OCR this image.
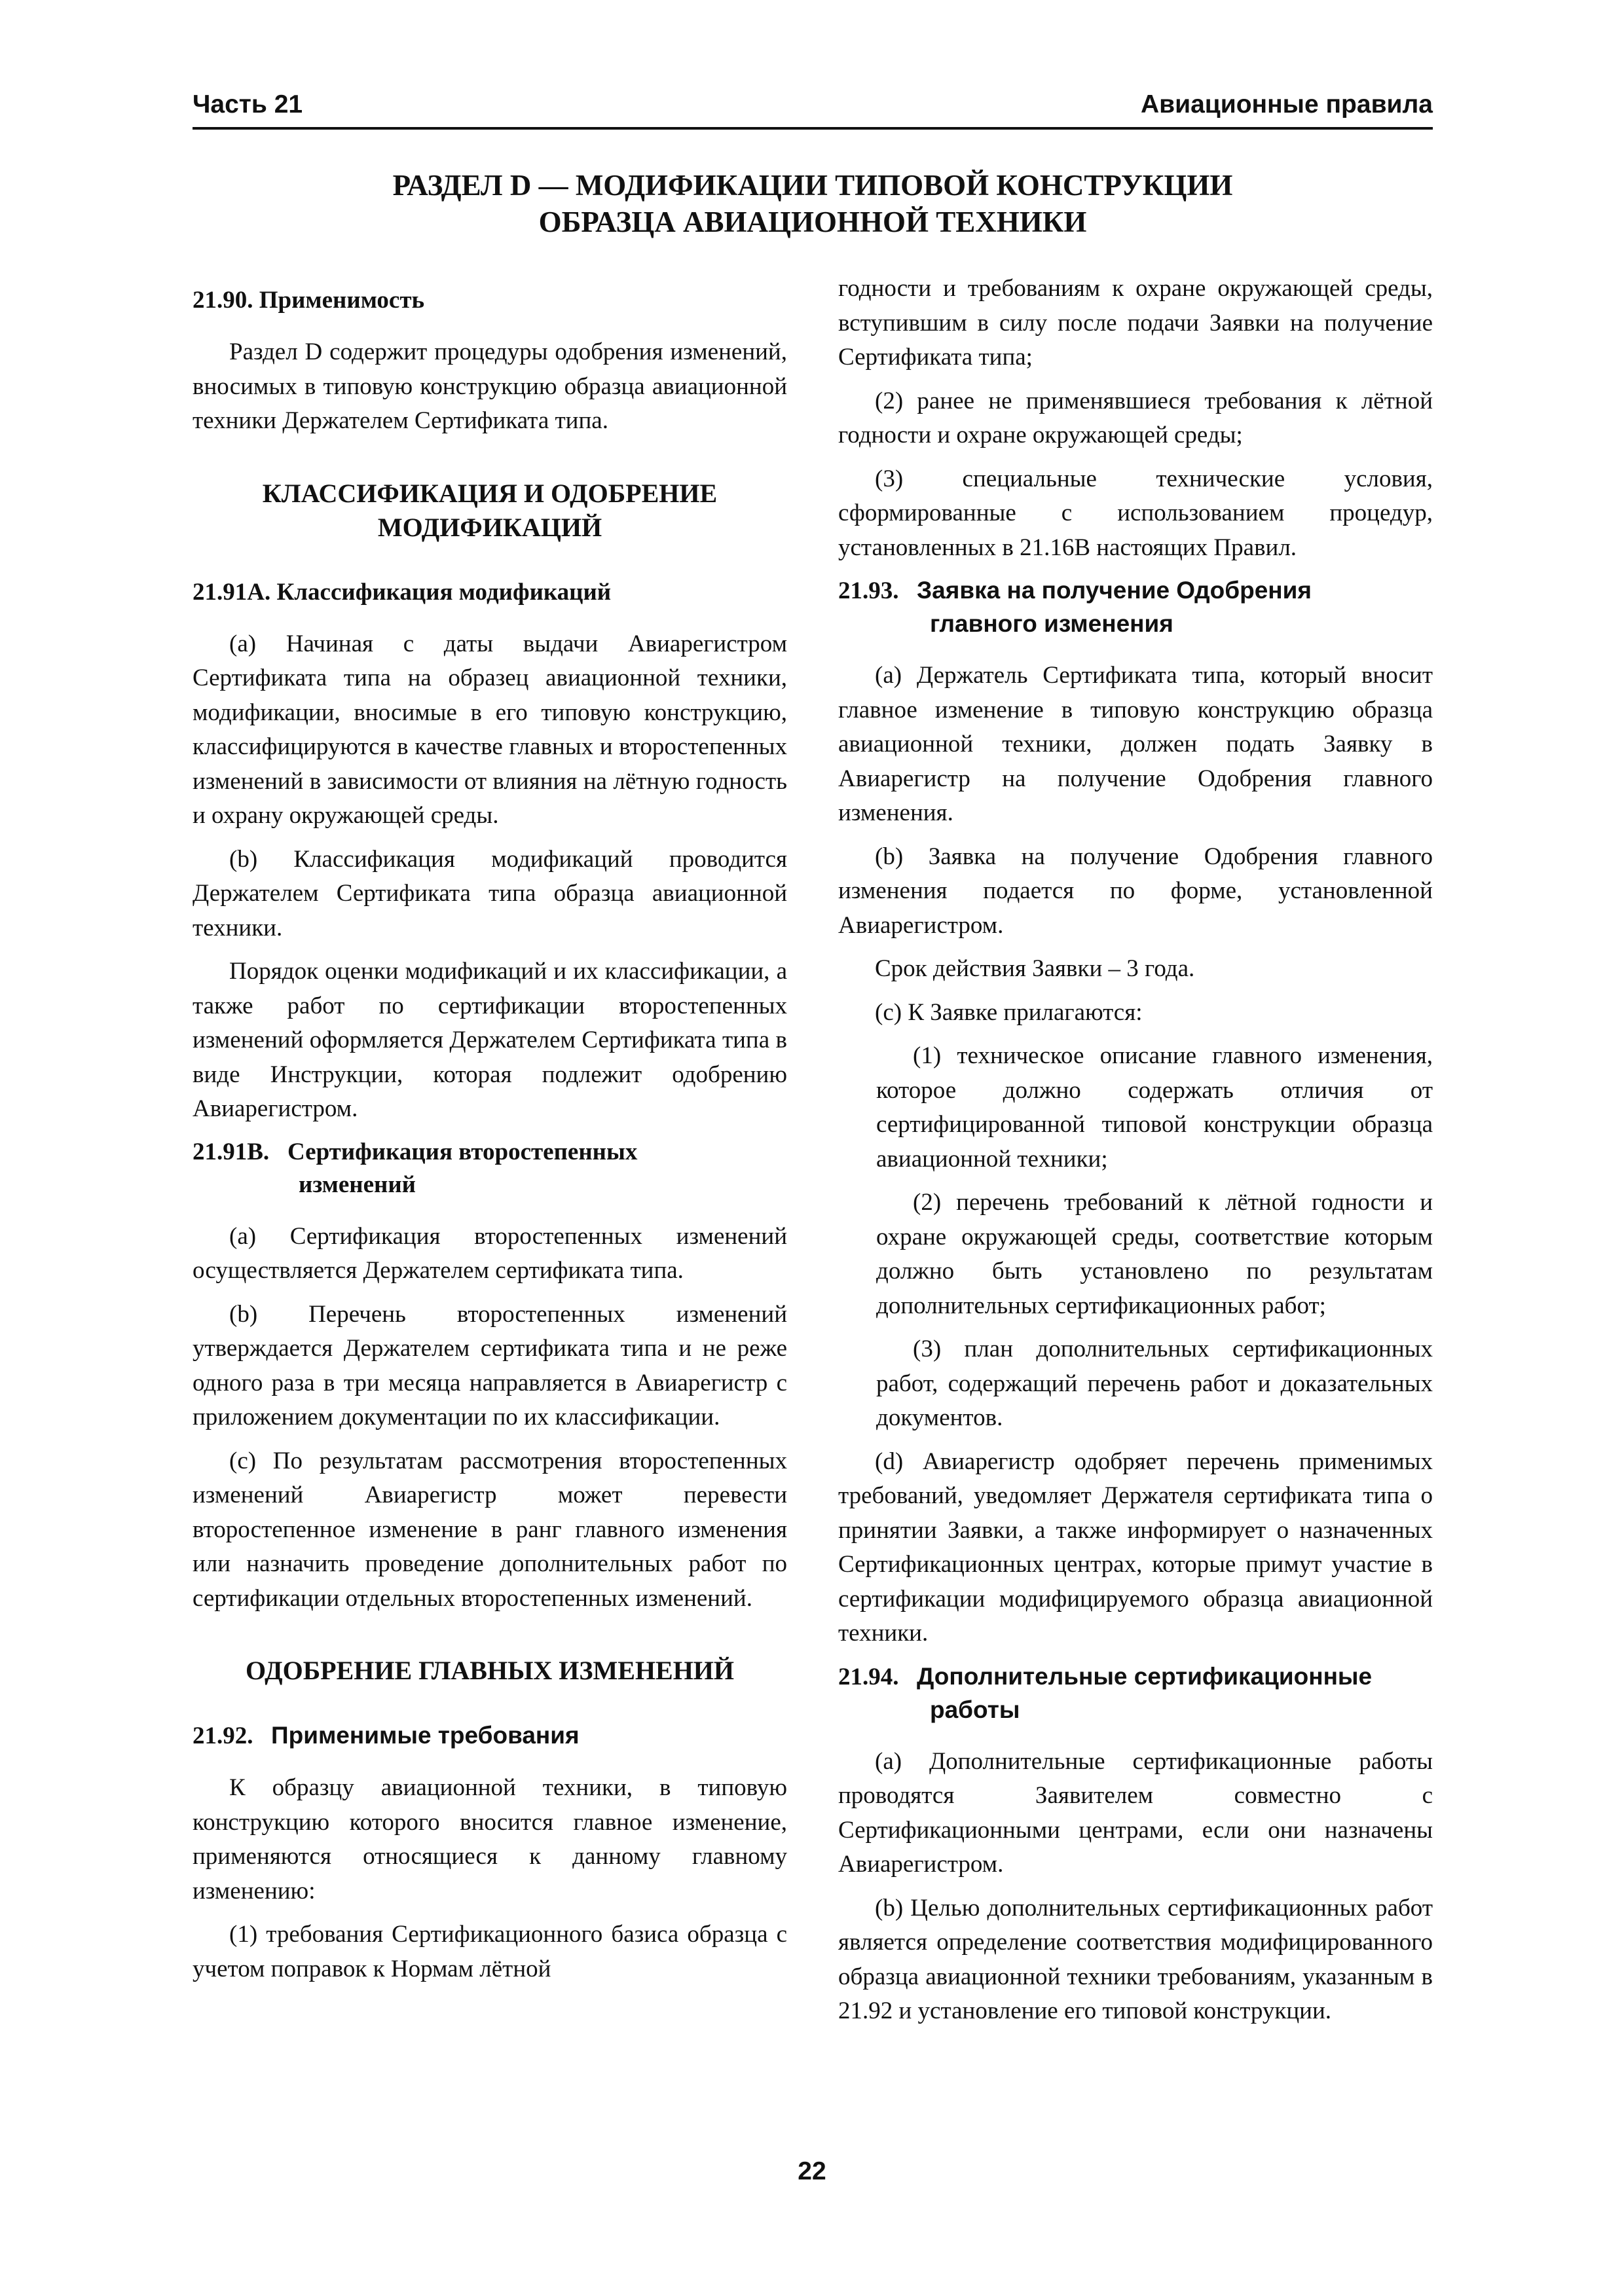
Часть 21	Авиационные правила
РАЗДЕЛ D — МОДИФИКАЦИИ ТИПОВОЙ КОНСТРУКЦИИ
ОБРАЗЦА АВИАЦИОННОЙ ТЕХНИКИ
21.90. Применимость

Раздел D содержит процедуры одобрения изменений, вносимых в типовую конструкцию образца авиационной техники Держателем Сертификата типа.

КЛАССИФИКАЦИЯ И ОДОБРЕНИЕ
МОДИФИКАЦИЙ
21.91А. Классификация модификаций

(а) Начиная с даты выдачи Авиарегистром Сертификата типа на образец авиационной техники, модификации, вносимые в его типовую конструкцию, классифицируются в качестве главных и второстепенных изменений в зависимости от влияния на лётную годность и охрану окружающей среды.

(b) Классификация модификаций проводится Держателем Сертификата типа образца авиационной техники.

Порядок оценки модификаций и их классификации, а также работ по сертификации второстепенных изменений оформляется Держателем Сертификата типа в виде Инструкции, которая подлежит одобрению Авиарегистром.

21.91В. Сертификация второстепенных
изменений

(а) Сертификация второстепенных изменений осуществляется Держателем сертификата типа.

(b) Перечень второстепенных изменений утверждается Держателем сертификата типа и не реже одного раза в три месяца направляется в Авиарегистр с приложением документации по их классификации.

(с) По результатам рассмотрения второстепенных изменений Авиарегистр может перевести второстепенное изменение в ранг главного изменения или назначить проведение дополнительных работ по сертификации отдельных второстепенных изменений.

ОДОБРЕНИЕ ГЛАВНЫХ ИЗМЕНЕНИЙ
21.92. Применимые требования

К образцу авиационной техники, в типовую конструкцию которого вносится главное изменение, применяются относящиеся к данному главному изменению:

(1) требования Сертификационного базиса образца с учетом поправок к Нормам лётной

годности и требованиям к охране окружающей среды, вступившим в силу после подачи Заявки на получение Сертификата типа;

(2) ранее не применявшиеся требования к лётной годности и охране окружающей среды;

(3) специальные технические условия, сформированные с использованием процедур, установленных в 21.16В настоящих Правил.

21.93. Заявка на получение Одобрения
главного изменения

(а) Держатель Сертификата типа, который вносит главное изменение в типовую конструкцию образца авиационной техники, должен подать Заявку в Авиарегистр на получение Одобрения главного изменения.

(b) Заявка на получение Одобрения главного изменения подается по форме, установленной Авиарегистром.

Срок действия Заявки – 3 года.

(с) К Заявке прилагаются:

(1) техническое описание главного изменения, которое должно содержать отличия от сертифицированной типовой конструкции образца авиационной техники;

(2) перечень требований к лётной годности и охране окружающей среды, соответствие которым должно быть установлено по результатам дополнительных сертификационных работ;

(3) план дополнительных сертификационных работ, содержащий перечень работ и доказательных документов.

(d) Авиарегистр одобряет перечень применимых требований, уведомляет Держателя сертификата типа о принятии Заявки, а также информирует о назначенных Сертификационных центрах, которые примут участие в сертификации модифицируемого образца авиационной техники.

21.94. Дополнительные сертификационные
работы

(а) Дополнительные сертификационные работы проводятся Заявителем совместно с Сертификационными центрами, если они назначены Авиарегистром.

(b) Целью дополнительных сертификационных работ является определение соответствия модифицированного образца авиационной техники требованиям, указанным в 21.92 и установление его типовой конструкции.

22
